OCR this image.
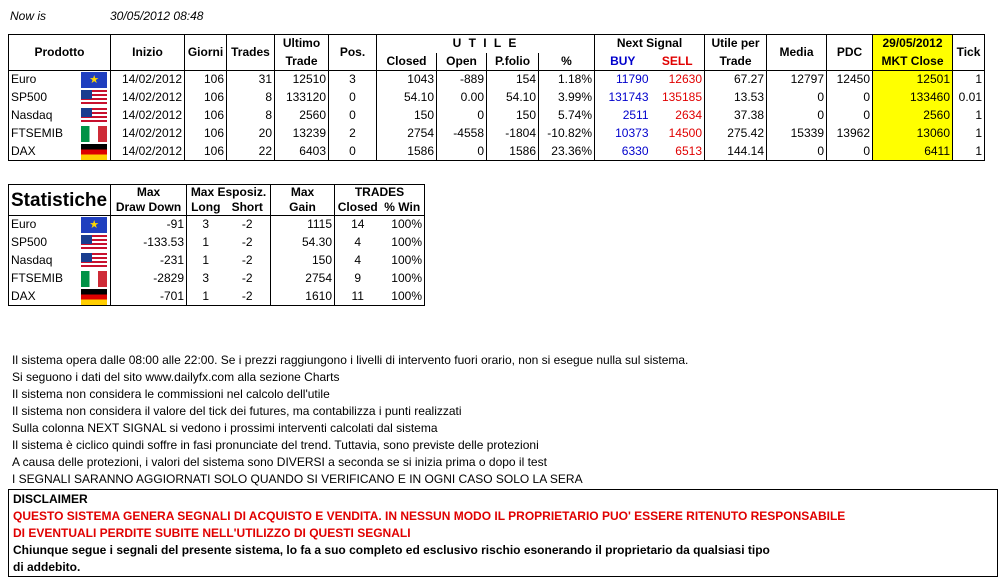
Now is	30/05/2012 08:48
Prodotto		Inizio	Giorni	Trades	Ultimo	Pos.	U T I L E				Next Signal		Utile per	Media	PDC	29/05/2012	Tick
					Trade		Closed	Open	P.folio	%	BUY	SELL	Trade			MKT Close	
Euro	★	14/02/2012	106	31	12510	3	1043	-889	154	1.18%	11790	12630	67.27	12797	12450	12501	1
SP500		14/02/2012	106	8	133120	0	54.10	0.00	54.10	3.99%	131743	135185	13.53	0	0	133460	0.01
Nasdaq		14/02/2012	106	8	2560	0	150	0	150	5.74%	2511	2634	37.38	0	0	2560	1
FTSEMIB		14/02/2012	106	20	13239	2	2754	-4558	-1804	-10.82%	10373	14500	275.42	15339	13962	13060	1
DAX		14/02/2012	106	22	6403	0	1586	0	1586	23.36%	6330	6513	144.14	0	0	6411	1
Statistiche		Max	Max Esposiz.		Max	TRADES	
		Draw Down	Long	Short	Gain	Closed	% Win
Euro	★	-91	3	-2	1115	14	100%
SP500		-133.53	1	-2	54.30	4	100%
Nasdaq		-231	1	-2	150	4	100%
FTSEMIB		-2829	3	-2	2754	9	100%
DAX		-701	1	-2	1610	11	100%
Il sistema opera dalle 08:00 alle 22:00. Se i prezzi raggiungono i livelli di intervento fuori orario, non si esegue nulla sul sistema.
Si seguono i dati del sito www.dailyfx.com alla sezione Charts
Il sistema non considera le commissioni nel calcolo dell'utile
Il sistema non considera il valore del tick dei futures, ma contabilizza i punti realizzati
Sulla colonna NEXT SIGNAL si vedono i prossimi interventi calcolati dal sistema
Il sistema è ciclico quindi soffre in fasi pronunciate del trend. Tuttavia, sono previste delle protezioni
A causa delle protezioni, i valori del sistema sono DIVERSI a seconda se si inizia prima o dopo il test
I SEGNALI SARANNO AGGIORNATI SOLO QUANDO SI VERIFICANO E IN OGNI CASO SOLO LA SERA
DISCLAIMER
QUESTO SISTEMA GENERA SEGNALI DI ACQUISTO E VENDITA. IN NESSUN MODO IL PROPRIETARIO PUO' ESSERE RITENUTO RESPONSABILE
DI EVENTUALI PERDITE SUBITE NELL'UTILIZZO DI QUESTI SEGNALI
Chiunque segue i segnali del presente sistema, lo fa a suo completo ed esclusivo rischio esonerando il proprietario da qualsiasi tipo
di addebito.
